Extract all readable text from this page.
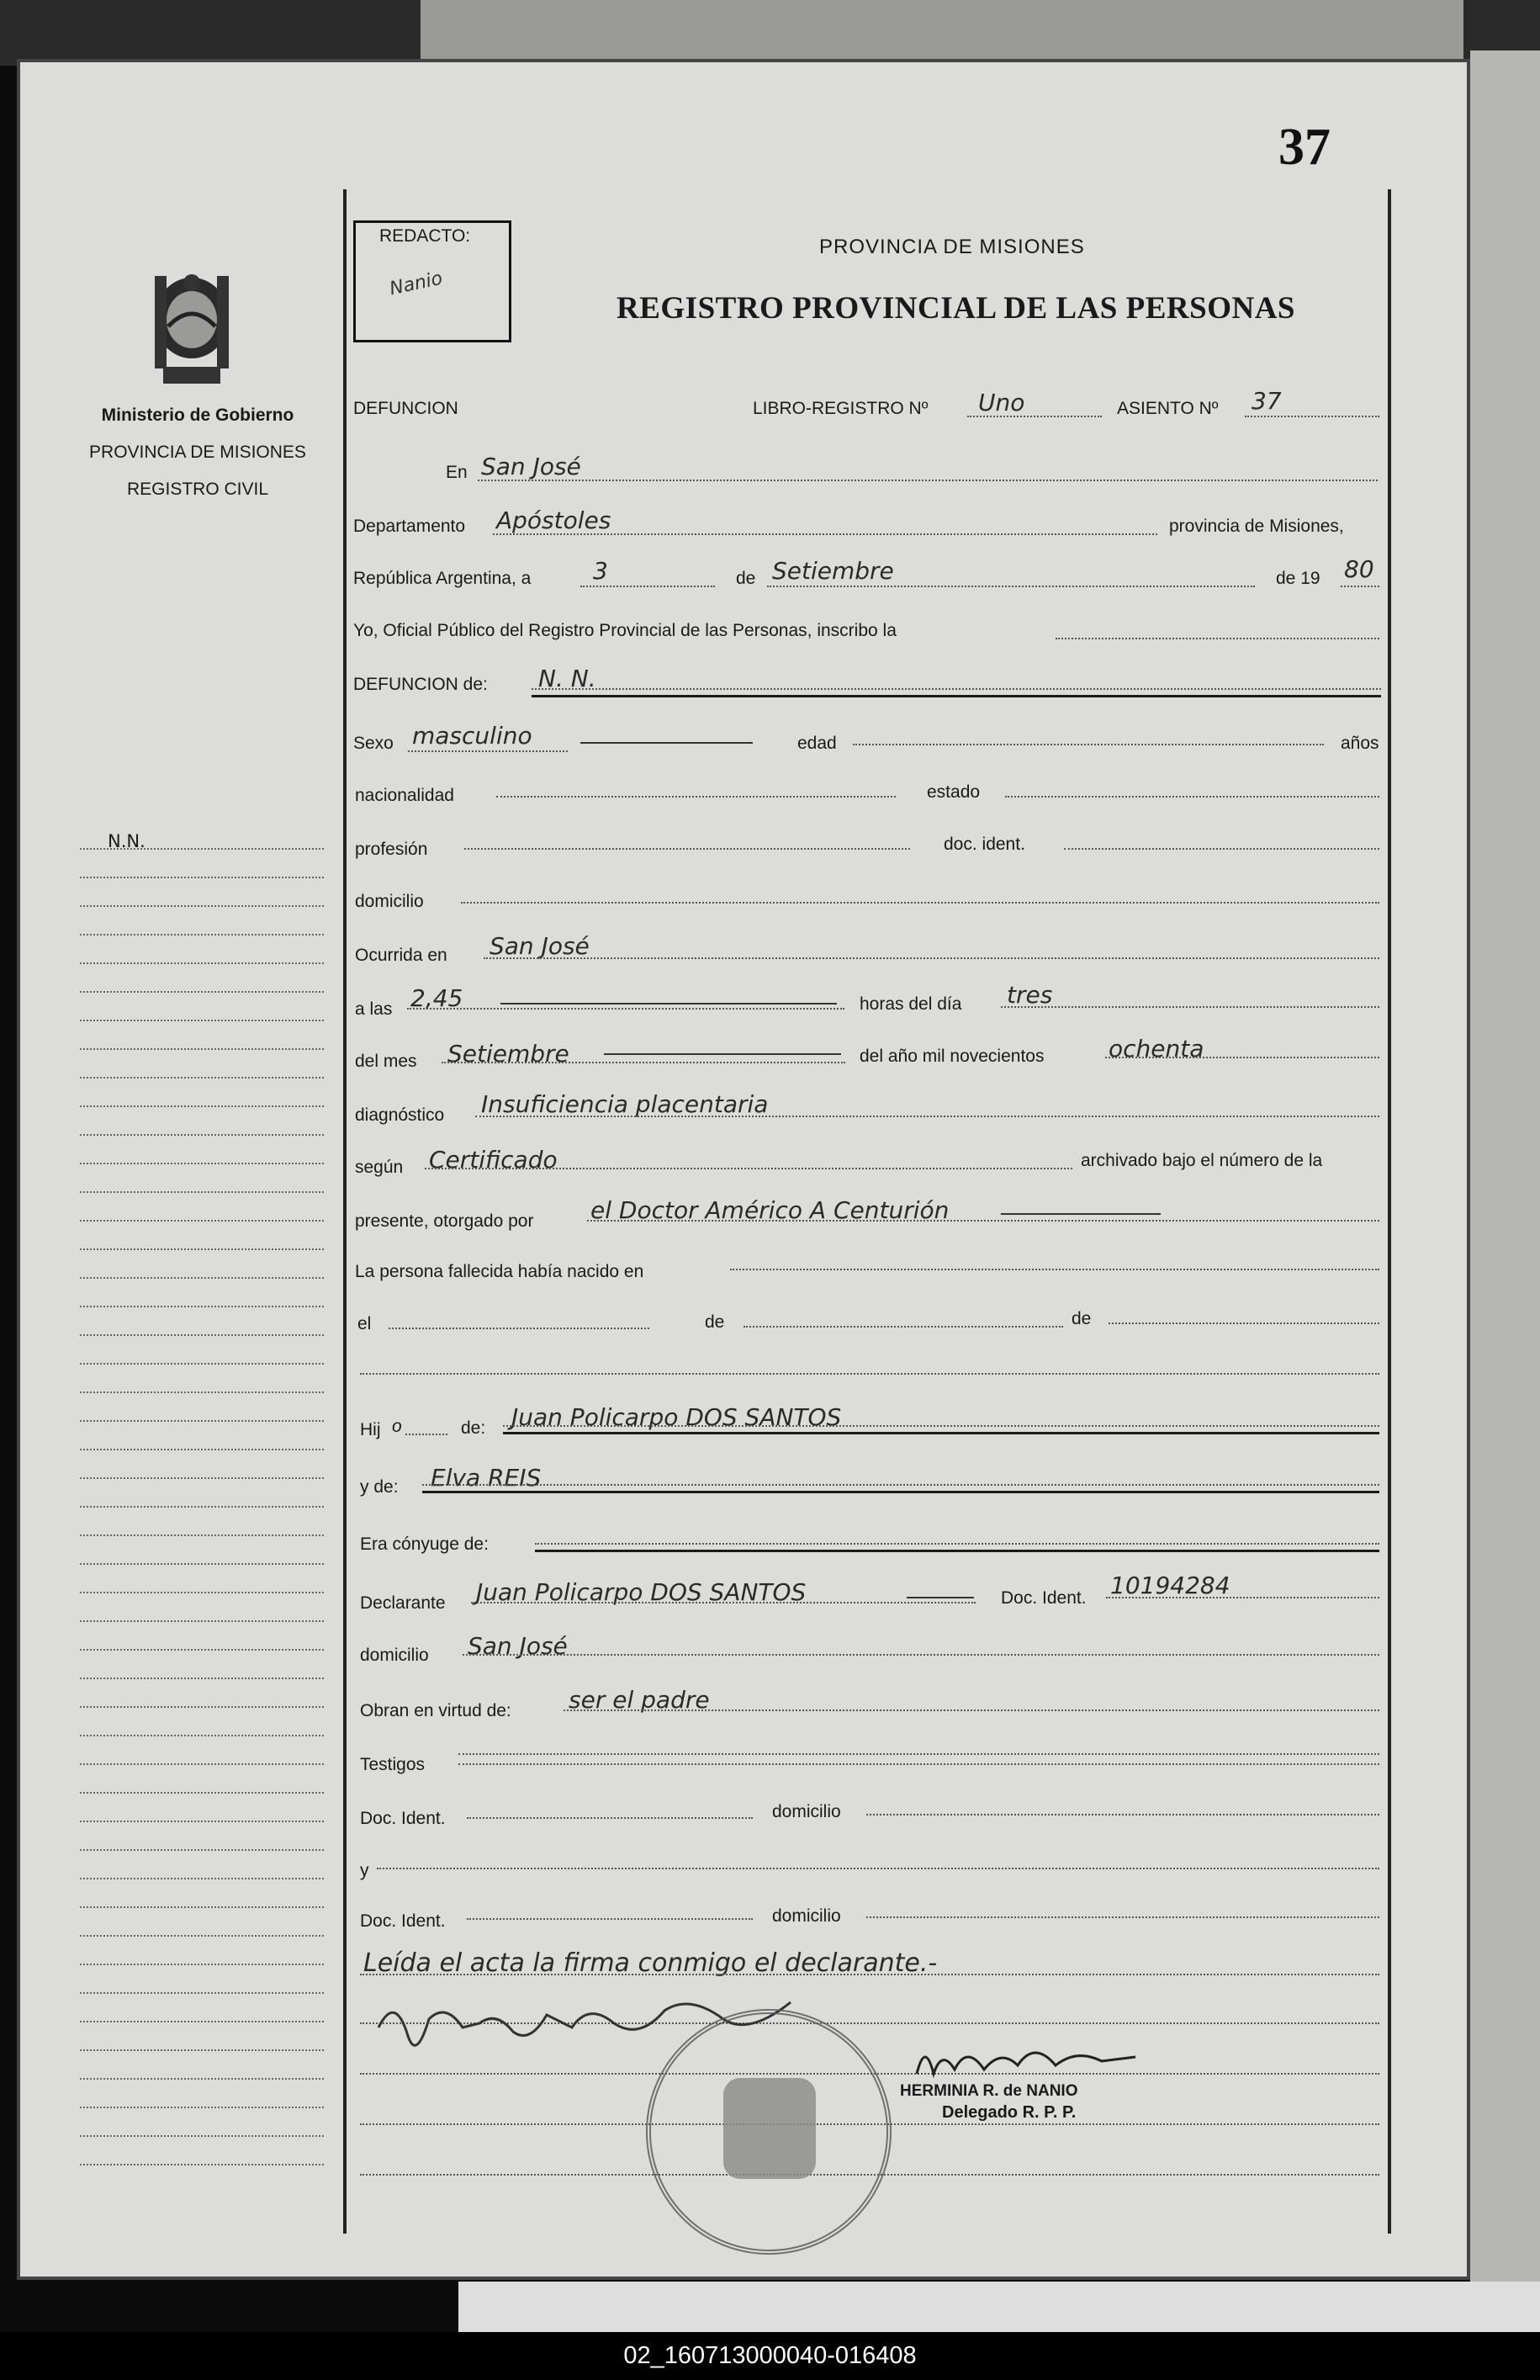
37
Ministerio de Gobierno
PROVINCIA DE MISIONES
REGISTRO CIVIL
N.N.
REDACTO:
Nanio
PROVINCIA DE MISIONES
REGISTRO PROVINCIAL DE LAS PERSONAS
DEFUNCION	LIBRO-REGISTRO Nº Uno	ASIENTO Nº 37
En San José
Departamento Apóstoles	provincia de Misiones,
República Argentina, a	3	de Setiembre	de 19 80
Yo, Oficial Público del Registro Provincial de las Personas, inscribo la
DEFUNCION de: N. N.
Sexo masculino	edad	años
nacionalidad	estado
profesión	doc. ident.
domicilio
Ocurrida en San José
a las 2,45	horas del día tres
del mes Setiembre	del año mil novecientos	ochenta
diagnóstico Insuficiencia placentaria
según Certificado	archivado bajo el número de la
presente, otorgado por el Doctor Américo A Centurión
La persona fallecida había nacido en
el	de	de
Hij o	de: Juan Policarpo DOS SANTOS
y de: Elva REIS
Era cónyuge de:
Declarante Juan Policarpo DOS SANTOS	Doc. Ident. 10194284
domicilio San José
Obran en virtud de: ser el padre
Testigos
Doc. Ident.	domicilio
y
Doc. Ident.	domicilio
Leída el acta la firma conmigo el declarante.-
HERMINIA R. de NANIO
Delegado R. P. P.
02_160713000040-016408
